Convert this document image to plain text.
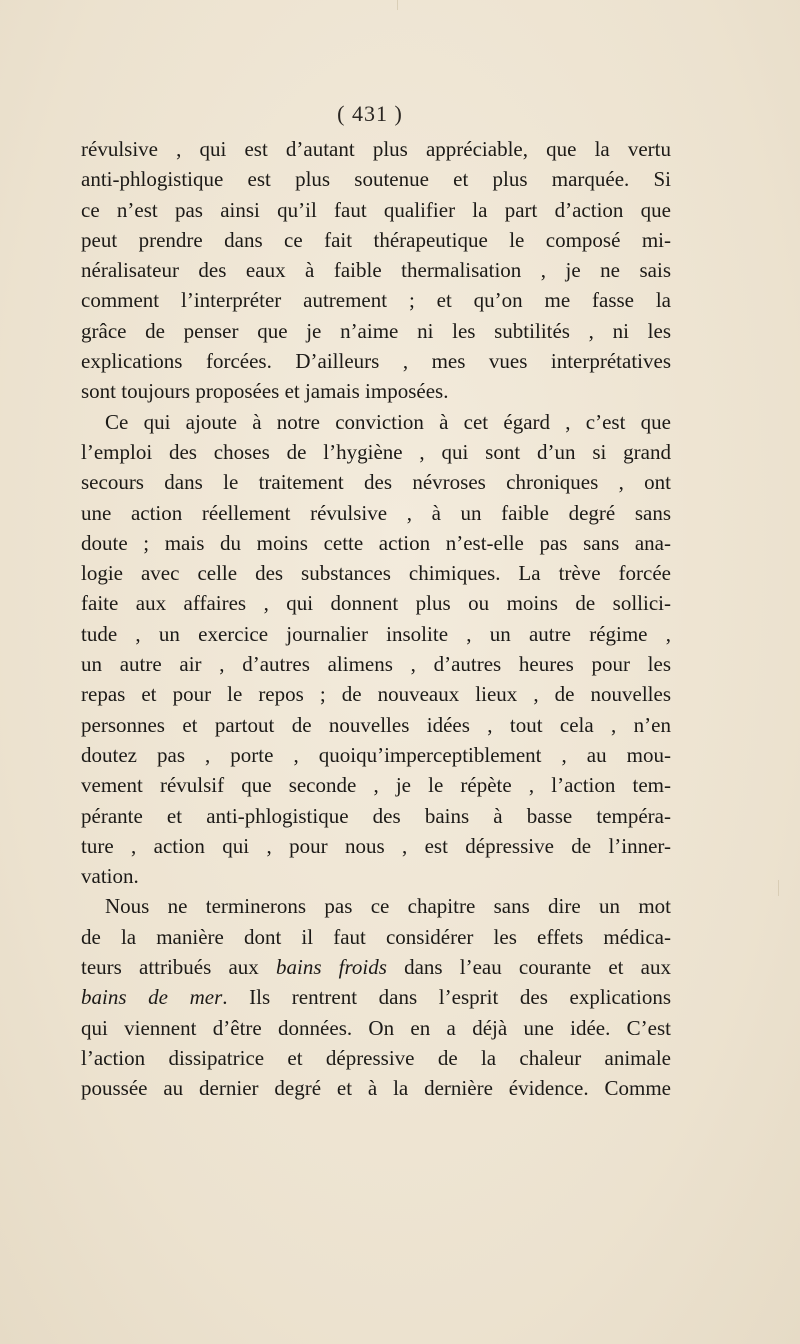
( 431 )
révulsive , qui est d’autant plus appréciable, que la vertu
anti-phlogistique est plus soutenue et plus marquée. Si
ce n’est pas ainsi qu’il faut qualifier la part d’action que
peut prendre dans ce fait thérapeutique le composé mi-
néralisateur des eaux à faible thermalisation , je ne sais
comment l’interpréter autrement ; et qu’on me fasse la
grâce de penser que je n’aime ni les subtilités , ni les
explications forcées. D’ailleurs , mes vues interprétatives
sont toujours proposées et jamais imposées.
Ce qui ajoute à notre conviction à cet égard , c’est que
l’emploi des choses de l’hygiène , qui sont d’un si grand
secours dans le traitement des névroses chroniques , ont
une action réellement révulsive , à un faible degré sans
doute ; mais du moins cette action n’est-elle pas sans ana-
logie avec celle des substances chimiques. La trève forcée
faite aux affaires , qui donnent plus ou moins de sollici-
tude , un exercice journalier insolite , un autre régime ,
un autre air , d’autres alimens , d’autres heures pour les
repas et pour le repos ; de nouveaux lieux , de nouvelles
personnes et partout de nouvelles idées , tout cela , n’en
doutez pas , porte , quoiqu’imperceptiblement , au mou-
vement révulsif que seconde , je le répète , l’action tem-
pérante et anti-phlogistique des bains à basse tempéra-
ture , action qui , pour nous , est dépressive de l’inner-
vation.
Nous ne terminerons pas ce chapitre sans dire un mot
de la manière dont il faut considérer les effets médica-
teurs attribués aux bains froids dans l’eau courante et aux
bains de mer. Ils rentrent dans l’esprit des explications
qui viennent d’être données. On en a déjà une idée. C’est
l’action dissipatrice et dépressive de la chaleur animale
poussée au dernier degré et à la dernière évidence. Comme
